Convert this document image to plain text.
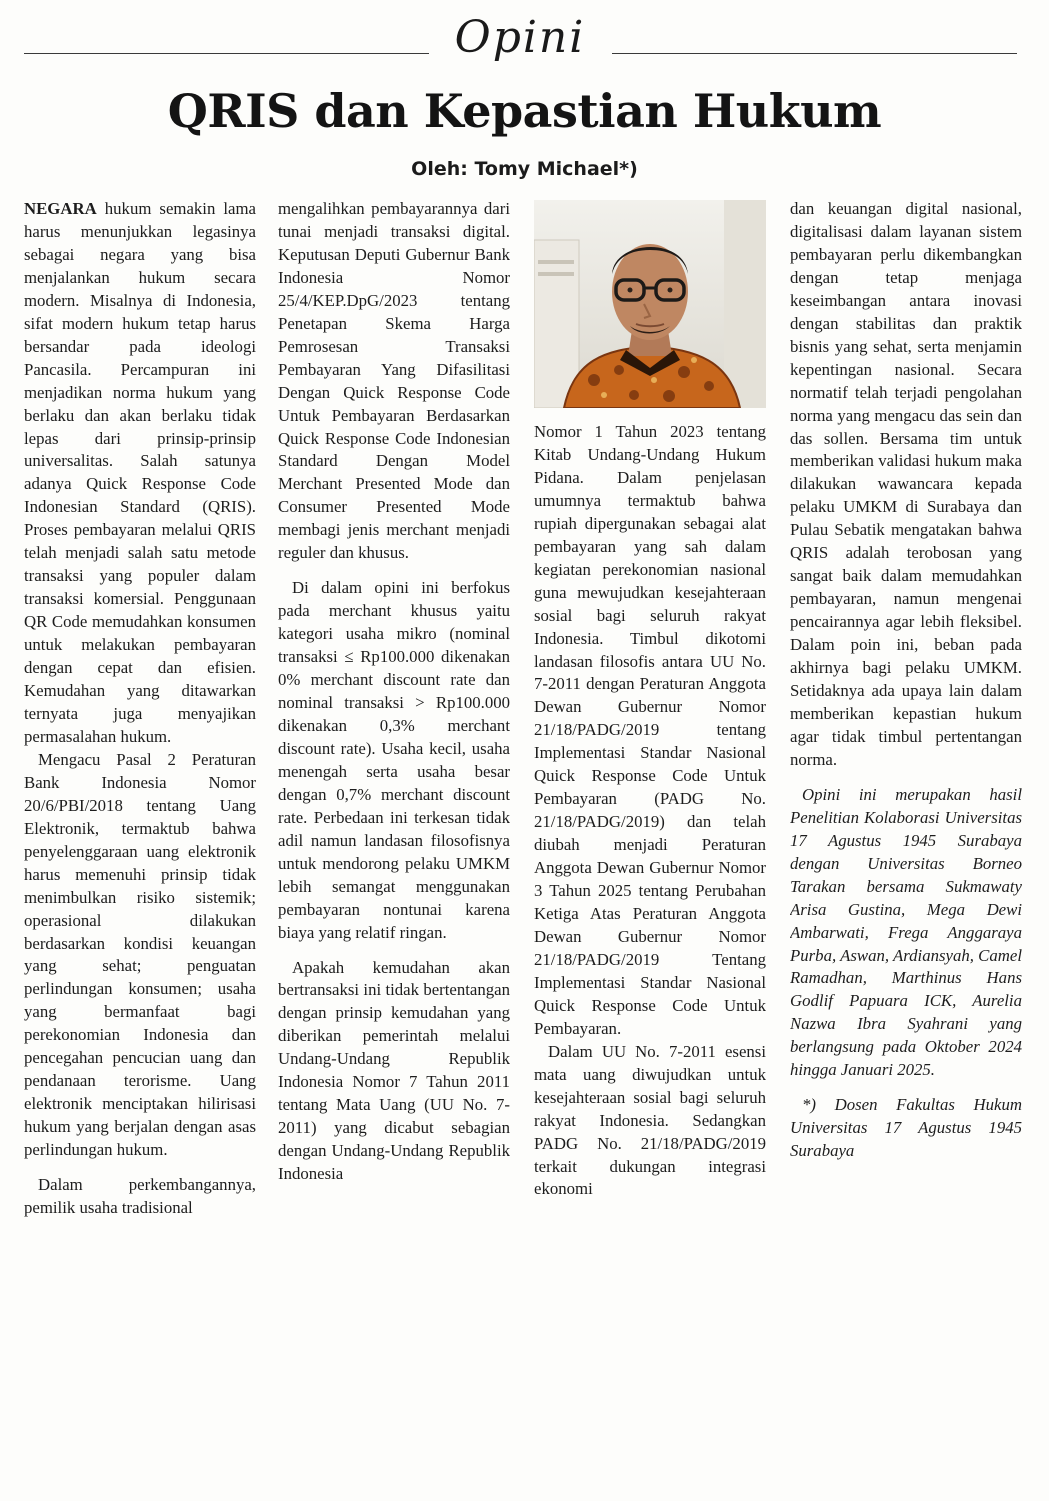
Opini
QRIS dan Kepastian Hukum
Oleh: Tomy Michael*)

NEGARA hukum semakin lama harus menunjukkan legasinya sebagai negara yang bisa menjalankan hukum secara modern. Misalnya di Indonesia, sifat modern hukum tetap harus bersandar pada ideologi Pancasila. Percampuran ini menjadikan norma hukum yang berlaku dan akan berlaku tidak lepas dari prinsip-prinsip universalitas. Salah satunya adanya Quick Response Code Indonesian Standard (QRIS). Proses pembayaran melalui QRIS telah menjadi salah satu metode transaksi yang populer dalam transaksi komersial. Penggunaan QR Code memudahkan konsumen untuk melakukan pembayaran dengan cepat dan efisien. Kemudahan yang ditawarkan ternyata juga menyajikan permasalahan hukum.

Mengacu Pasal 2 Peraturan Bank Indonesia Nomor 20/6/PBI/2018 tentang Uang Elektronik, termaktub bahwa penyelenggaraan uang elektronik harus memenuhi prinsip tidak menimbulkan risiko sistemik; operasional dilakukan berdasarkan kondisi keuangan yang sehat; penguatan perlindungan konsumen; usaha yang bermanfaat bagi perekonomian Indonesia dan pencegahan pencucian uang dan pendanaan terorisme. Uang elektronik menciptakan hilirisasi hukum yang berjalan dengan asas perlindungan hukum.

Dalam perkembangannya, pemilik usaha tradisional

mengalihkan pembayarannya dari tunai menjadi transaksi digital. Keputusan Deputi Gubernur Bank Indonesia Nomor 25/4/KEP.DpG/2023 tentang Penetapan Skema Harga Pemrosesan Transaksi Pembayaran Yang Difasilitasi Dengan Quick Response Code Untuk Pembayaran Berdasarkan Quick Response Code Indonesian Standard Dengan Model Merchant Presented Mode dan Consumer Presented Mode membagi jenis merchant menjadi reguler dan khusus.

Di dalam opini ini berfokus pada merchant khusus yaitu kategori usaha mikro (nominal transaksi ≤ Rp100.000 dikenakan 0% merchant discount rate dan nominal transaksi > Rp100.000 dikenakan 0,3% merchant discount rate). Usaha kecil, usaha menengah serta usaha besar dengan 0,7% merchant discount rate. Perbedaan ini terkesan tidak adil namun landasan filosofisnya untuk mendorong pelaku UMKM lebih semangat menggunakan pembayaran nontunai karena biaya yang relatif ringan.

Apakah kemudahan akan bertransaksi ini tidak bertentangan dengan prinsip kemudahan yang diberikan pemerintah melalui Undang-Undang Republik Indonesia Nomor 7 Tahun 2011 tentang Mata Uang (UU No. 7-2011) yang dicabut sebagian dengan Undang-Undang Republik Indonesia

Nomor 1 Tahun 2023 tentang Kitab Undang-Undang Hukum Pidana. Dalam penjelasan umumnya termaktub bahwa rupiah dipergunakan sebagai alat pembayaran yang sah dalam kegiatan perekonomian nasional guna mewujudkan kesejahteraan sosial bagi seluruh rakyat Indonesia. Timbul dikotomi landasan filosofis antara UU No. 7-2011 dengan Peraturan Anggota Dewan Gubernur Nomor 21/18/PADG/2019 tentang Implementasi Standar Nasional Quick Response Code Untuk Pembayaran (PADG No. 21/18/PADG/2019) dan telah diubah menjadi Peraturan Anggota Dewan Gubernur Nomor 3 Tahun 2025 tentang Perubahan Ketiga Atas Peraturan Anggota Dewan Gubernur Nomor 21/18/PADG/2019 Tentang Implementasi Standar Nasional Quick Response Code Untuk Pembayaran.

Dalam UU No. 7-2011 esensi mata uang diwujudkan untuk kesejahteraan sosial bagi seluruh rakyat Indonesia. Sedangkan PADG No. 21/18/PADG/2019 terkait dukungan integrasi ekonomi

dan keuangan digital nasional, digitalisasi dalam layanan sistem pembayaran perlu dikembangkan dengan tetap menjaga keseimbangan antara inovasi dengan stabilitas dan praktik bisnis yang sehat, serta menjamin kepentingan nasional. Secara normatif telah terjadi pengolahan norma yang mengacu das sein dan das sollen. Bersama tim untuk memberikan validasi hukum maka dilakukan wawancara kepada pelaku UMKM di Surabaya dan Pulau Sebatik mengatakan bahwa QRIS adalah terobosan yang sangat baik dalam memudahkan pembayaran, namun mengenai pencairannya agar lebih fleksibel. Dalam poin ini, beban pada akhirnya bagi pelaku UMKM. Setidaknya ada upaya lain dalam memberikan kepastian hukum agar tidak timbul pertentangan norma.

Opini ini merupakan hasil Penelitian Kolaborasi Universitas 17 Agustus 1945 Surabaya dengan Universitas Borneo Tarakan bersama Sukmawaty Arisa Gustina, Mega Dewi Ambarwati, Frega Anggaraya Purba, Aswan, Ardiansyah, Camel Ramadhan, Marthinus Hans Godlif Papuara ICK, Aurelia Nazwa Ibra Syahrani yang berlangsung pada Oktober 2024 hingga Januari 2025.

*) Dosen Fakultas Hukum Universitas 17 Agustus 1945 Surabaya
